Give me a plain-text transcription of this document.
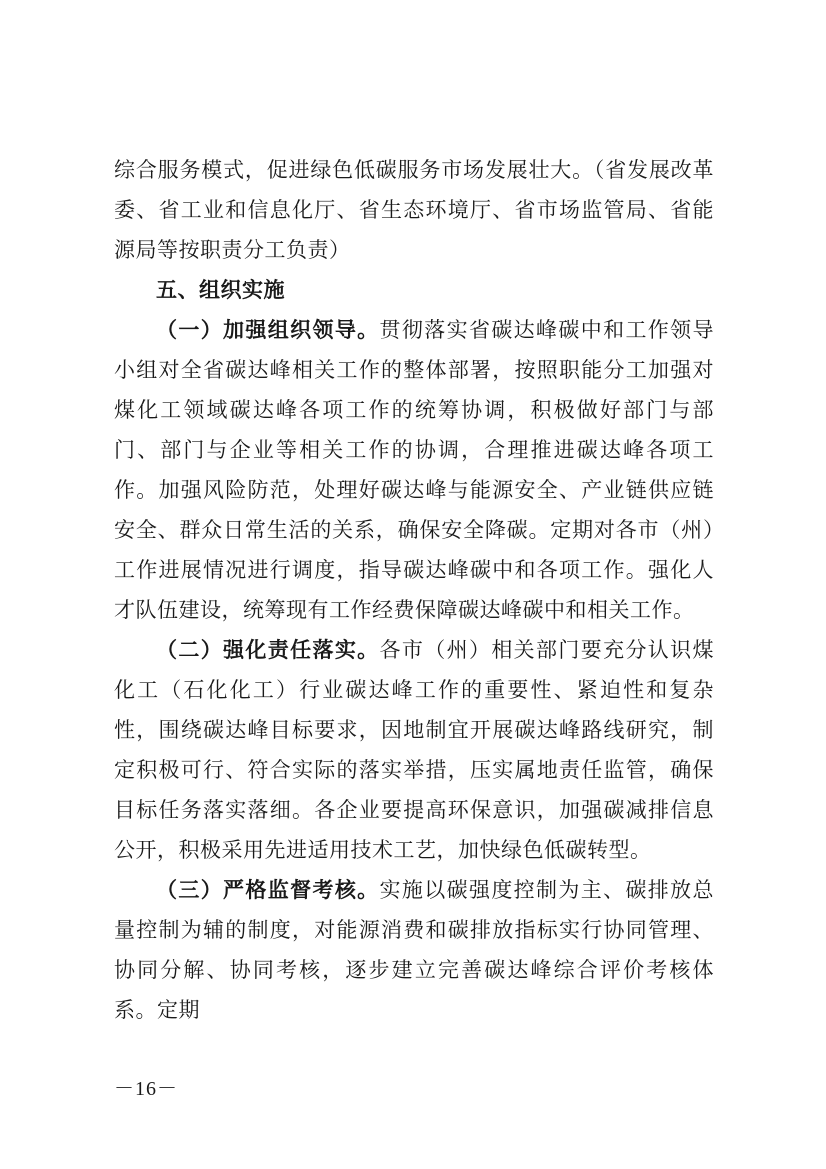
综合服务模式，促进绿色低碳服务市场发展壮大。（省发展改革委、省工业和信息化厅、省生态环境厅、省市场监管局、省能源局等按职责分工负责）

五、组织实施

（一）加强组织领导。贯彻落实省碳达峰碳中和工作领导小组对全省碳达峰相关工作的整体部署，按照职能分工加强对煤化工领域碳达峰各项工作的统筹协调，积极做好部门与部门、部门与企业等相关工作的协调，合理推进碳达峰各项工作。加强风险防范，处理好碳达峰与能源安全、产业链供应链安全、群众日常生活的关系，确保安全降碳。定期对各市（州）工作进展情况进行调度，指导碳达峰碳中和各项工作。强化人才队伍建设，统筹现有工作经费保障碳达峰碳中和相关工作。

（二）强化责任落实。各市（州）相关部门要充分认识煤化工（石化化工）行业碳达峰工作的重要性、紧迫性和复杂性，围绕碳达峰目标要求，因地制宜开展碳达峰路线研究，制定积极可行、符合实际的落实举措，压实属地责任监管，确保目标任务落实落细。各企业要提高环保意识，加强碳减排信息公开，积极采用先进适用技术工艺，加快绿色低碳转型。

（三）严格监督考核。实施以碳强度控制为主、碳排放总量控制为辅的制度，对能源消费和碳排放指标实行协同管理、协同分解、协同考核，逐步建立完善碳达峰综合评价考核体系。定期

－16－
